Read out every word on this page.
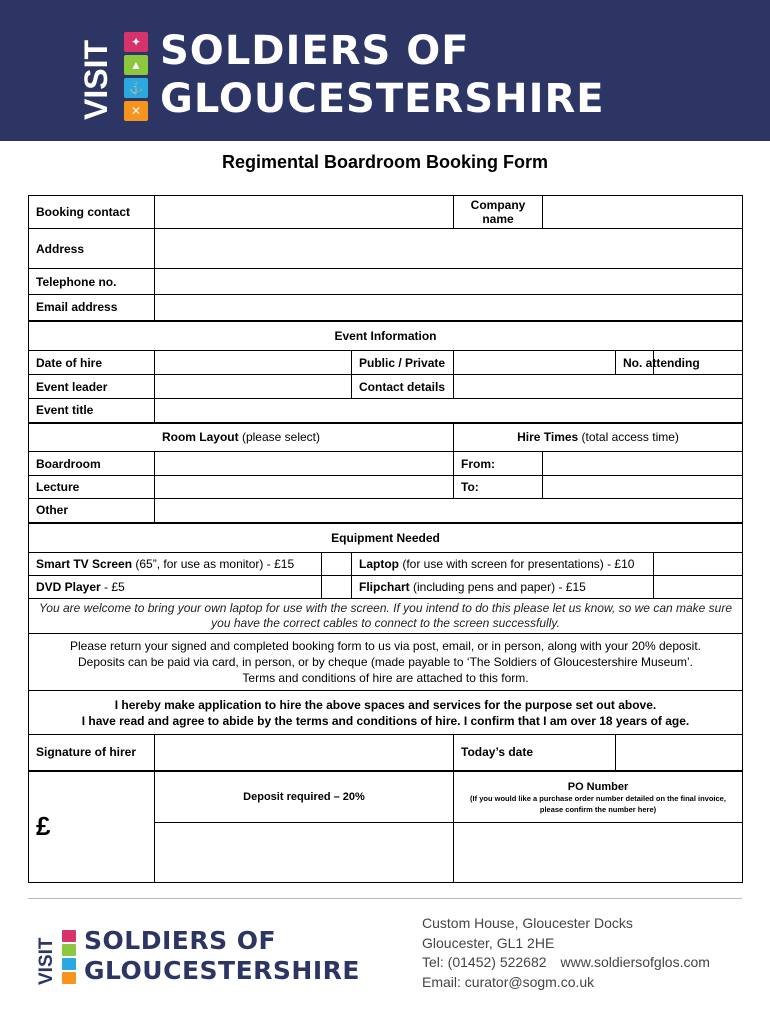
VISIT	✦
▲
⚓
✕
SOLDIERS OF
GLOUCESTERSHIRE
Regimental Boardroom Booking Form
Booking contact				Company name			
Address							
Telephone no.							
Email address							
Event Information							
Date of hire			Public / Private			No. attending	
Event leader			Contact details				
Event title							
Room Layout (please select)				Hire Times (total access time)			
Boardroom				From:			
Lecture				To:			
Other							
Equipment Needed							
Smart TV Screen (65”, for use as monitor) - £15			Laptop (for use with screen for presentations) - £10				
DVD Player - £5			Flipchart (including pens and paper) - £15				
You are welcome to bring your own laptop for use with the screen. If you intend to do this please let us know, so we can make sure you have the correct cables to connect to the screen successfully.							

Please return your signed and completed booking form to us via post, email, or in person, along with your 20% deposit.
Deposits can be paid via card, in person, or by cheque (made payable to ‘The Soldiers of Gloucestershire Museum’.
Terms and conditions of hire are attached to this form.							

I hereby make application to hire the above spaces and services for the purpose set out above.
I have read and agree to abide by the terms and conditions of hire. I confirm that I am over 18 years of age.							

Signature of hirer				Today’s date			
£	Deposit required – 20%			PO Number
(If you would like a purchase order number detailed on the final invoice, please confirm the number here)			

VISIT SOLDIERS OF
GLOUCESTERSHIRE
Custom House, Gloucester Docks
Gloucester, GL1 2HE
Tel: (01452) 522682 www.soldiersofglos.com
Email: curator@sogm.co.uk
